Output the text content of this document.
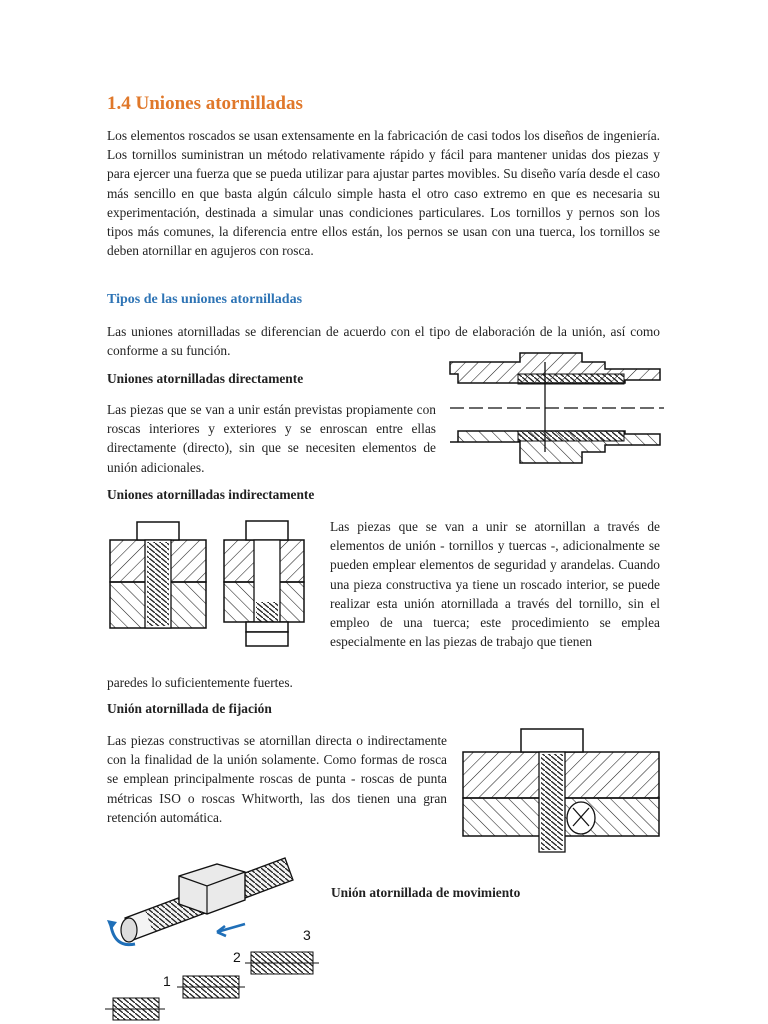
1.4 Uniones atornilladas

Los elementos roscados se usan extensamente en la fabricación de casi todos los diseños de ingeniería. Los tornillos suministran un método relativamente rápido y fácil para mantener unidas dos piezas y para ejercer una fuerza que se pueda utilizar para ajustar partes movibles. Su diseño varía desde el caso más sencillo en que basta algún cálculo simple hasta el otro caso extremo en que es necesaria su experimentación, destinada a simular unas condiciones particulares. Los tornillos y pernos son los tipos más comunes, la diferencia entre ellos están, los pernos se usan con una tuerca, los tornillos se deben atornillar en agujeros con rosca.

Tipos de las uniones atornilladas

Las uniones atornilladas se diferencian de acuerdo con el tipo de elaboración de la unión, así como conforme a su función.

Uniones atornilladas directamente

Las piezas que se van a unir están previstas propiamente con roscas interiores y exteriores y se enroscan entre ellas directamente (directo), sin que se necesiten elementos de unión adicionales.

Uniones atornilladas indirectamente

Las piezas que se van a unir se atornillan a través de elementos de unión - tornillos y tuercas -, adicionalmente se pueden emplear elementos de seguridad y arandelas. Cuando una pieza constructiva ya tiene un roscado interior, se puede realizar esta unión atornillada a través del tornillo, sin el empleo de una tuerca; este procedimiento se emplea especialmente en las piezas de trabajo que tienen

paredes lo suficientemente fuertes.

Unión atornillada de fijación

Las piezas constructivas se atornillan directa o indirectamente con la finalidad de la unión solamente. Como formas de rosca se emplean principalmente roscas de punta - roscas de punta métricas ISO o roscas Whitworth, las dos tienen una gran retención automática.

Unión atornillada de movimiento
1
2
3
